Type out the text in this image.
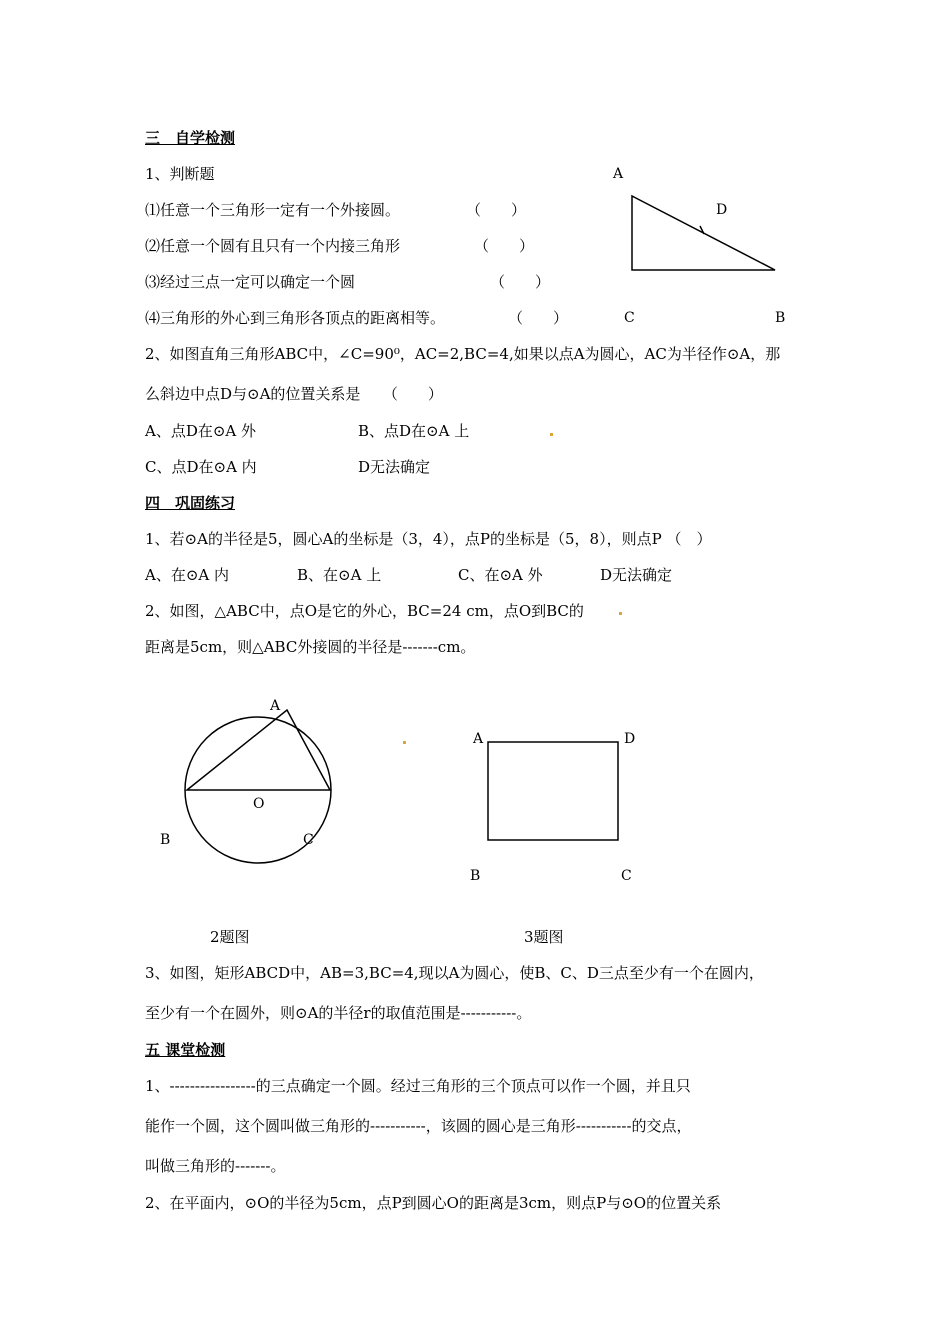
三　自学检测
1、判断题
⑴任意一个三角形一定有一个外接圆。	（　　）
⑵任意一个圆有且只有一个内接三角形	（　　）
⑶经过三点一定可以确定一个圆	（　　）
⑷三角形的外心到三角形各顶点的距离相等。	（　　）
A
D
C	B
2、如图直角三角形ABC中，∠C=90⁰，AC=2,BC=4,如果以点A为圆心，AC为半径作⊙A，那
么斜边中点D与⊙A的位置关系是　　（　　）
A、点D在⊙A 外	B、点D在⊙A 上
C、点D在⊙A 内	D无法确定
四　巩固练习
1、若⊙A的半径是5，圆心A的坐标是（3，4），点P的坐标是（5，8），则点P （　）
A、在⊙A 内	B、在⊙A 上	C、在⊙A 外	D无法确定
2、如图，△ABC中，点O是它的外心，BC=24 cm，点O到BC的
距离是5cm，则△ABC外接圆的半径是-------cm。
A
O
B	C
A	D
B	C
2题图	3题图
3、如图，矩形ABCD中，AB=3,BC=4,现以A为圆心，使B、C、D三点至少有一个在圆内，
至少有一个在圆外，则⊙A的半径r的取值范围是-----------。
五 课堂检测
1、-----------------的三点确定一个圆。经过三角形的三个顶点可以作一个圆，并且只
能作一个圆，这个圆叫做三角形的-----------，该圆的圆心是三角形-----------的交点，
叫做三角形的-------。
2、在平面内，⊙O的半径为5cm，点P到圆心O的距离是3cm，则点P与⊙O的位置关系
